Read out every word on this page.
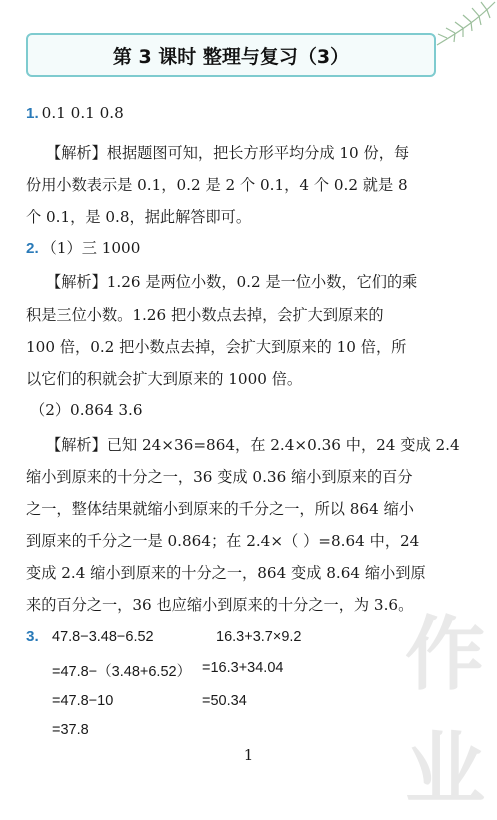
第 3 课时 整理与复习（3）
1. 0.1 0.1 0.8
【解析】根据题图可知，把长方形平均分成 10 份，每
份用小数表示是 0.1，0.2 是 2 个 0.1，4 个 0.2 就是 8
个 0.1，是 0.8，据此解答即可。
2. （1）三 1000
【解析】1.26 是两位小数，0.2 是一位小数，它们的乘
积是三位小数。1.26 把小数点去掉，会扩大到原来的
100 倍，0.2 把小数点去掉，会扩大到原来的 10 倍，所
以它们的积就会扩大到原来的 1000 倍。
（2）0.864 3.6
【解析】已知 24×36=864，在 2.4×0.36 中，24 变成 2.4
缩小到原来的十分之一，36 变成 0.36 缩小到原来的百分
之一，整体结果就缩小到原来的千分之一，所以 864 缩小
到原来的千分之一是 0.864；在 2.4×（ ）=8.64 中，24
变成 2.4 缩小到原来的十分之一，864 变成 8.64 缩小到原
来的百分之一，36 也应缩小到原来的十分之一，为 3.6。
3. 47.8−3.48−6.52
=47.8−（3.48+6.52）
=47.8−10
=37.8
16.3+3.7×9.2
=16.3+34.04
=50.34 作业
1
